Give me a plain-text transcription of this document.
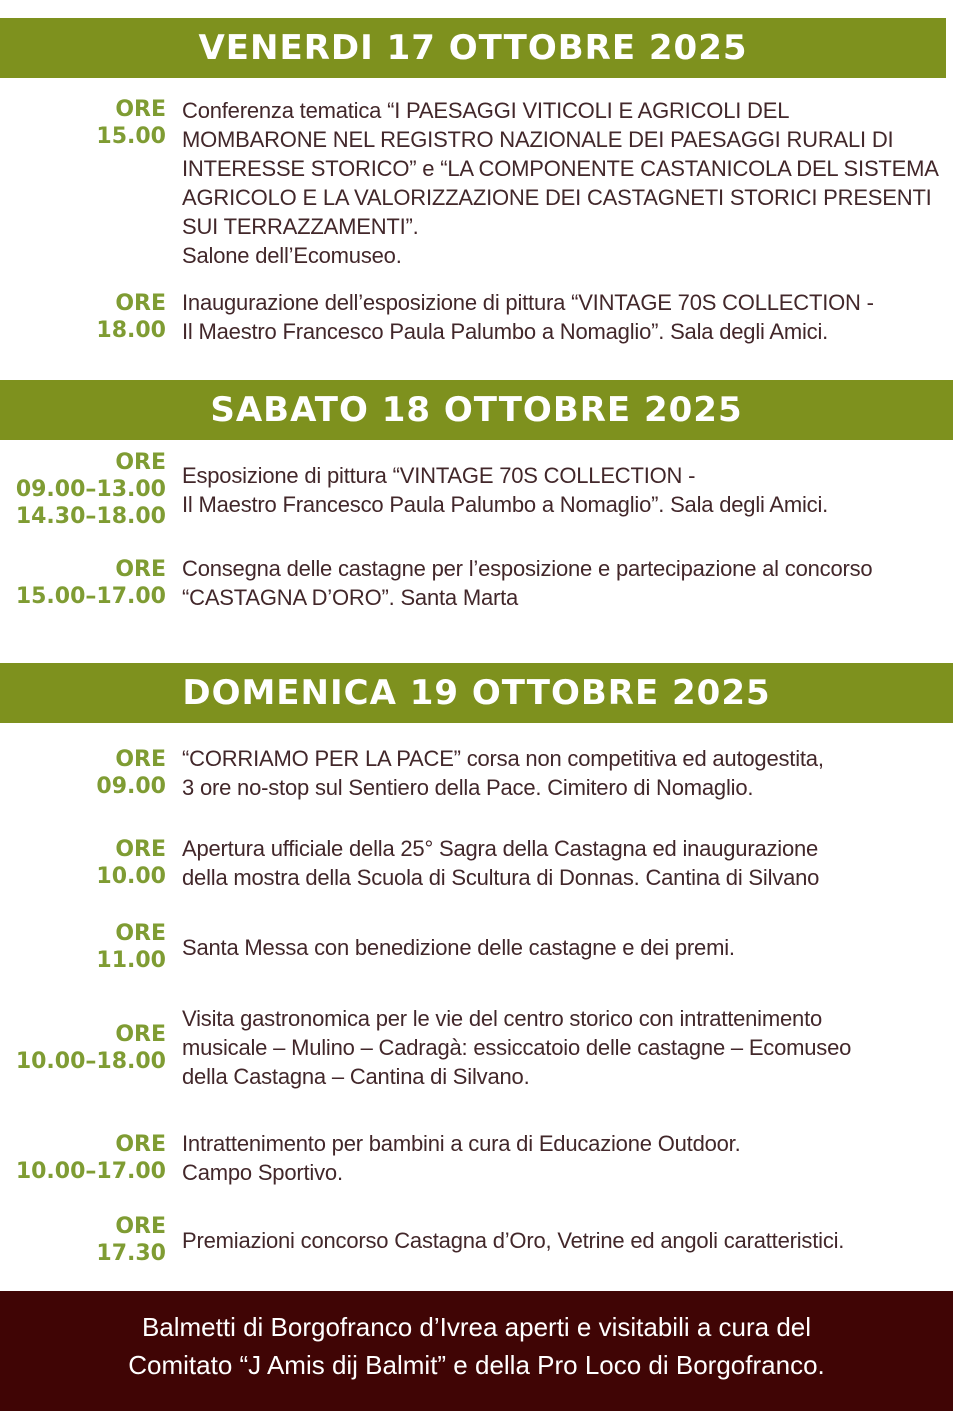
VENERDI 17 OTTOBRE 2025
ORE
15.00
Conferenza tematica “I PAESAGGI VITICOLI E AGRICOLI DEL
MOMBARONE NEL REGISTRO NAZIONALE DEI PAESAGGI RURALI DI
INTERESSE STORICO” e “LA COMPONENTE CASTANICOLA DEL SISTEMA
AGRICOLO E LA VALORIZZAZIONE DEI CASTAGNETI STORICI PRESENTI
SUI TERRAZZAMENTI”.
Salone dell’Ecomuseo.
ORE
18.00
Inaugurazione dell’esposizione di pittura “VINTAGE 70S COLLECTION -
Il Maestro Francesco Paula Palumbo a Nomaglio”. Sala degli Amici.
SABATO 18 OTTOBRE 2025
ORE
09.00–13.00
14.30–18.00
Esposizione di pittura “VINTAGE 70S COLLECTION -
Il Maestro Francesco Paula Palumbo a Nomaglio”. Sala degli Amici.
ORE
15.00–17.00
Consegna delle castagne per l’esposizione e partecipazione al concorso
“CASTAGNA D’ORO”. Santa Marta
DOMENICA 19 OTTOBRE 2025
ORE
09.00
“CORRIAMO PER LA PACE” corsa non competitiva ed autogestita,
3 ore no-stop sul Sentiero della Pace. Cimitero di Nomaglio.
ORE
10.00
Apertura ufficiale della 25° Sagra della Castagna ed inaugurazione
della mostra della Scuola di Scultura di Donnas. Cantina di Silvano
ORE
11.00
Santa Messa con benedizione delle castagne e dei premi.
ORE
10.00–18.00
Visita gastronomica per le vie del centro storico con intrattenimento
musicale – Mulino – Cadragà: essiccatoio delle castagne – Ecomuseo
della Castagna – Cantina di Silvano.
ORE
10.00–17.00
Intrattenimento per bambini a cura di Educazione Outdoor.
Campo Sportivo.
ORE
17.30
Premiazioni concorso Castagna d’Oro, Vetrine ed angoli caratteristici.
Balmetti di Borgofranco d’Ivrea aperti e visitabili a cura del
Comitato “J Amis dij Balmit” e della Pro Loco di Borgofranco.
